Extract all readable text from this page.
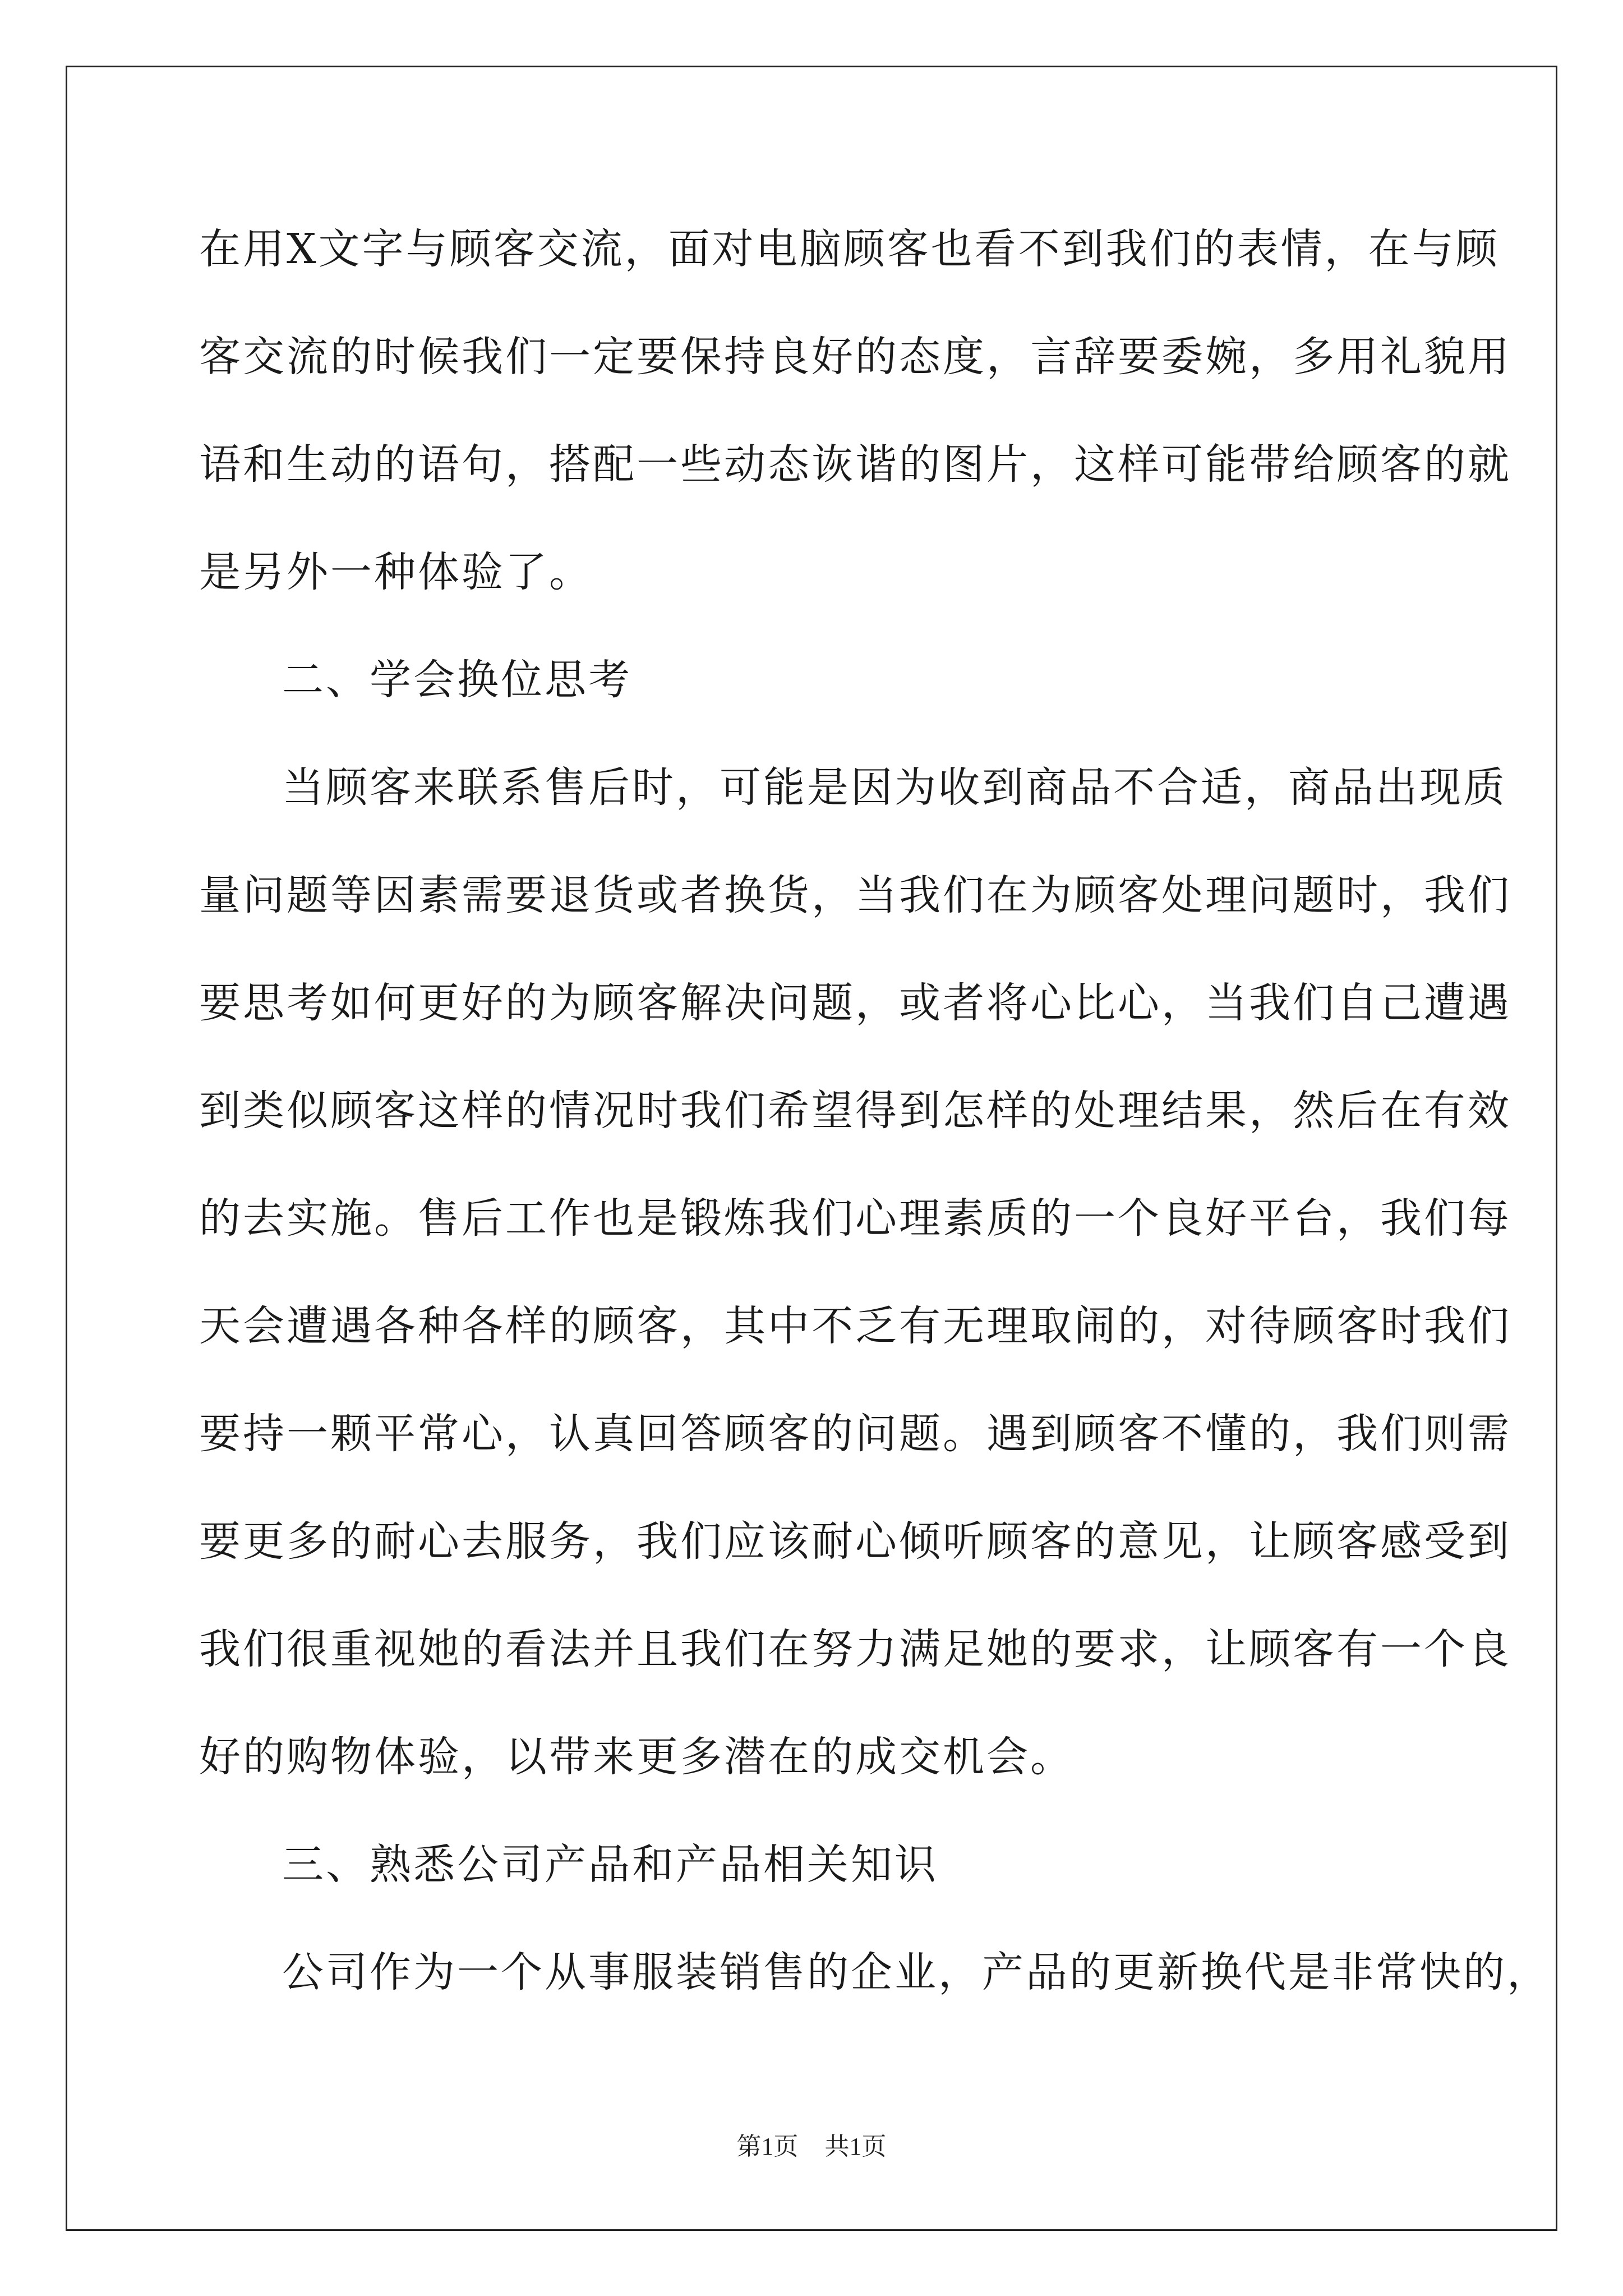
在用X文字与顾客交流，面对电脑顾客也看不到我们的表情，在与顾
客交流的时候我们一定要保持良好的态度，言辞要委婉，多用礼貌用
语和生动的语句，搭配一些动态诙谐的图片，这样可能带给顾客的就
是另外一种体验了。
二、学会换位思考
当顾客来联系售后时，可能是因为收到商品不合适，商品出现质
量问题等因素需要退货或者换货，当我们在为顾客处理问题时，我们
要思考如何更好的为顾客解决问题，或者将心比心，当我们自己遭遇
到类似顾客这样的情况时我们希望得到怎样的处理结果，然后在有效
的去实施。售后工作也是锻炼我们心理素质的一个良好平台，我们每
天会遭遇各种各样的顾客，其中不乏有无理取闹的，对待顾客时我们
要持一颗平常心，认真回答顾客的问题。遇到顾客不懂的，我们则需
要更多的耐心去服务，我们应该耐心倾听顾客的意见，让顾客感受到
我们很重视她的看法并且我们在努力满足她的要求，让顾客有一个良
好的购物体验，以带来更多潜在的成交机会。
三、熟悉公司产品和产品相关知识
公司作为一个从事服装销售的企业，产品的更新换代是非常快的，
第1页 共1页
